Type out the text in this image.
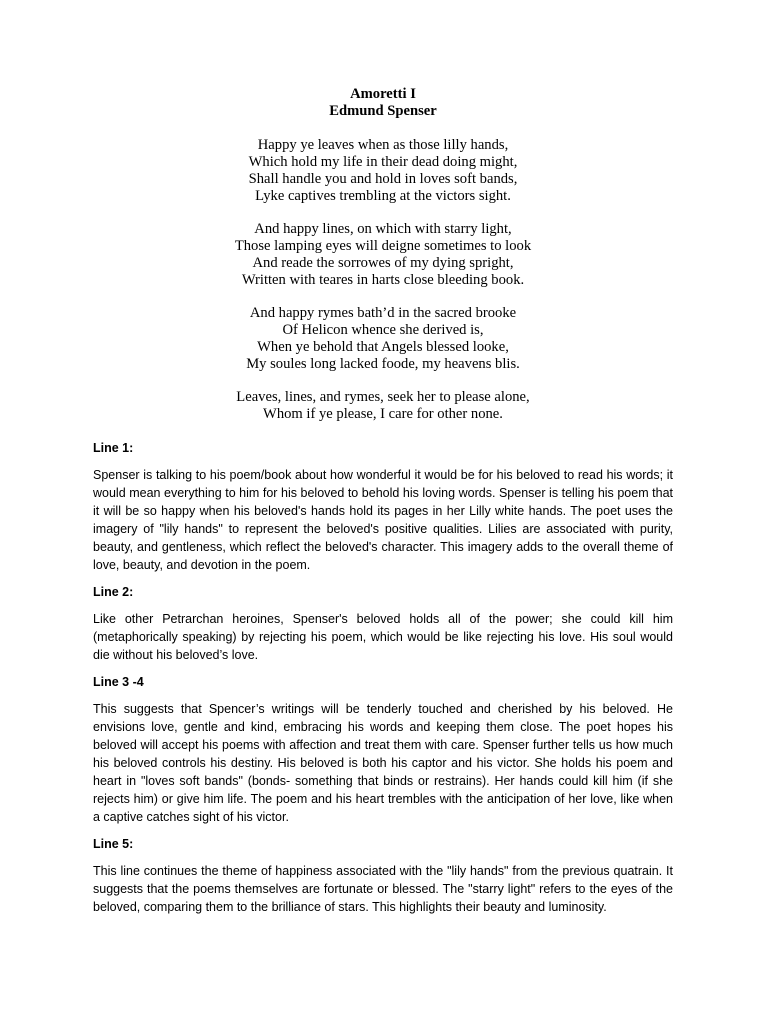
Amoretti I
Edmund Spenser
Happy ye leaves when as those lilly hands,
Which hold my life in their dead doing might,
Shall handle you and hold in loves soft bands,
Lyke captives trembling at the victors sight.
And happy lines, on which with starry light,
Those lamping eyes will deigne sometimes to look
And reade the sorrowes of my dying spright,
Written with teares in harts close bleeding book.
And happy rymes bath’d in the sacred brooke
Of Helicon whence she derived is,
When ye behold that Angels blessed looke,
My soules long lacked foode, my heavens blis.
Leaves, lines, and rymes, seek her to please alone,
Whom if ye please, I care for other none.

Line 1:

Spenser is talking to his poem/book about how wonderful it would be for his beloved to read his words; it would mean everything to him for his beloved to behold his loving words. Spenser is telling his poem that it will be so happy when his beloved's hands hold its pages in her Lilly white hands. The poet uses the imagery of "lily hands" to represent the beloved's positive qualities. Lilies are associated with purity, beauty, and gentleness, which reflect the beloved's character. This imagery adds to the overall theme of love, beauty, and devotion in the poem.

Line 2:

Like other Petrarchan heroines, Spenser's beloved holds all of the power; she could kill him (metaphorically speaking) by rejecting his poem, which would be like rejecting his love. His soul would die without his beloved’s love.

Line 3 -4

This suggests that Spencer’s writings will be tenderly touched and cherished by his beloved. He envisions love, gentle and kind, embracing his words and keeping them close. The poet hopes his beloved will accept his poems with affection and treat them with care. Spenser further tells us how much his beloved controls his destiny. His beloved is both his captor and his victor. She holds his poem and heart in "loves soft bands" (bonds- something that binds or restrains). Her hands could kill him (if she rejects him) or give him life. The poem and his heart trembles with the anticipation of her love, like when a captive catches sight of his victor.

Line 5:

This line continues the theme of happiness associated with the "lily hands" from the previous quatrain. It suggests that the poems themselves are fortunate or blessed. The "starry light" refers to the eyes of the beloved, comparing them to the brilliance of stars. This highlights their beauty and luminosity.
